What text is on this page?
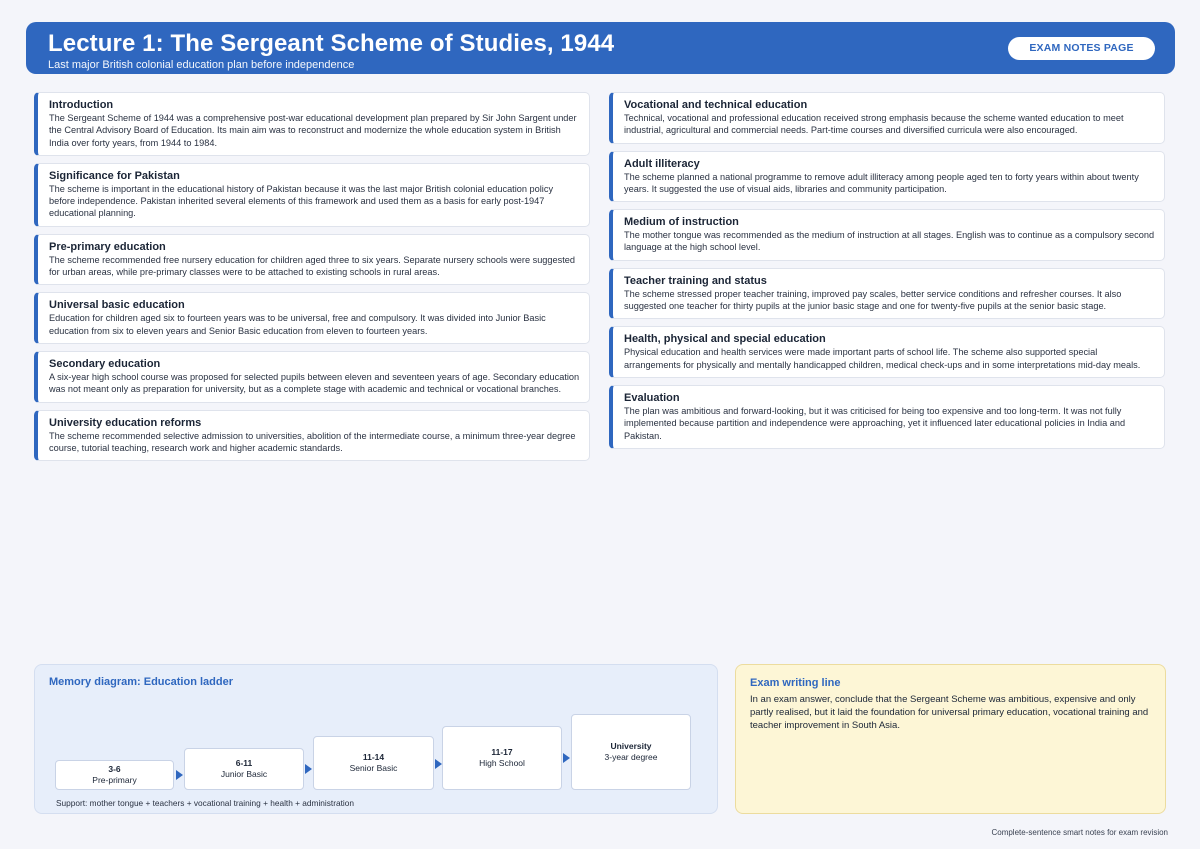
Lecture 1: The Sergeant Scheme of Studies, 1944
Last major British colonial education plan before independence
EXAM NOTES PAGE
Introduction

The Sergeant Scheme of 1944 was a comprehensive post-war educational development plan prepared by Sir John Sargent under the Central Advisory Board of Education. Its main aim was to reconstruct and modernize the whole education system in British India over forty years, from 1944 to 1984.

Significance for Pakistan

The scheme is important in the educational history of Pakistan because it was the last major British colonial education policy before independence. Pakistan inherited several elements of this framework and used them as a basis for early post-1947 educational planning.

Pre-primary education

The scheme recommended free nursery education for children aged three to six years. Separate nursery schools were suggested for urban areas, while pre-primary classes were to be attached to existing schools in rural areas.

Universal basic education

Education for children aged six to fourteen years was to be universal, free and compulsory. It was divided into Junior Basic education from six to eleven years and Senior Basic education from eleven to fourteen years.

Secondary education

A six-year high school course was proposed for selected pupils between eleven and seventeen years of age. Secondary education was not meant only as preparation for university, but as a complete stage with academic and technical or vocational branches.

University education reforms

The scheme recommended selective admission to universities, abolition of the intermediate course, a minimum three-year degree course, tutorial teaching, research work and higher academic standards.

Vocational and technical education

Technical, vocational and professional education received strong emphasis because the scheme wanted education to meet industrial, agricultural and commercial needs. Part-time courses and diversified curricula were also encouraged.

Adult illiteracy

The scheme planned a national programme to remove adult illiteracy among people aged ten to forty years within about twenty years. It suggested the use of visual aids, libraries and community participation.

Medium of instruction

The mother tongue was recommended as the medium of instruction at all stages. English was to continue as a compulsory second language at the high school level.

Teacher training and status

The scheme stressed proper teacher training, improved pay scales, better service conditions and refresher courses. It also suggested one teacher for thirty pupils at the junior basic stage and one for twenty-five pupils at the senior basic stage.

Health, physical and special education

Physical education and health services were made important parts of school life. The scheme also supported special arrangements for physically and mentally handicapped children, medical check-ups and in some interpretations mid-day meals.

Evaluation

The plan was ambitious and forward-looking, but it was criticised for being too expensive and too long-term. It was not fully implemented because partition and independence were approaching, yet it influenced later educational policies in India and Pakistan.

Memory diagram: Education ladder
3-6
Pre-primary
6-11
Junior Basic
11-14
Senior Basic
11-17
High School
University
3-year degree
Support: mother tongue + teachers + vocational training + health + administration
Exam writing line
In an exam answer, conclude that the Sergeant Scheme was ambitious, expensive and only partly realised, but it laid the foundation for universal primary education, vocational training and teacher improvement in South Asia.
Complete-sentence smart notes for exam revision
